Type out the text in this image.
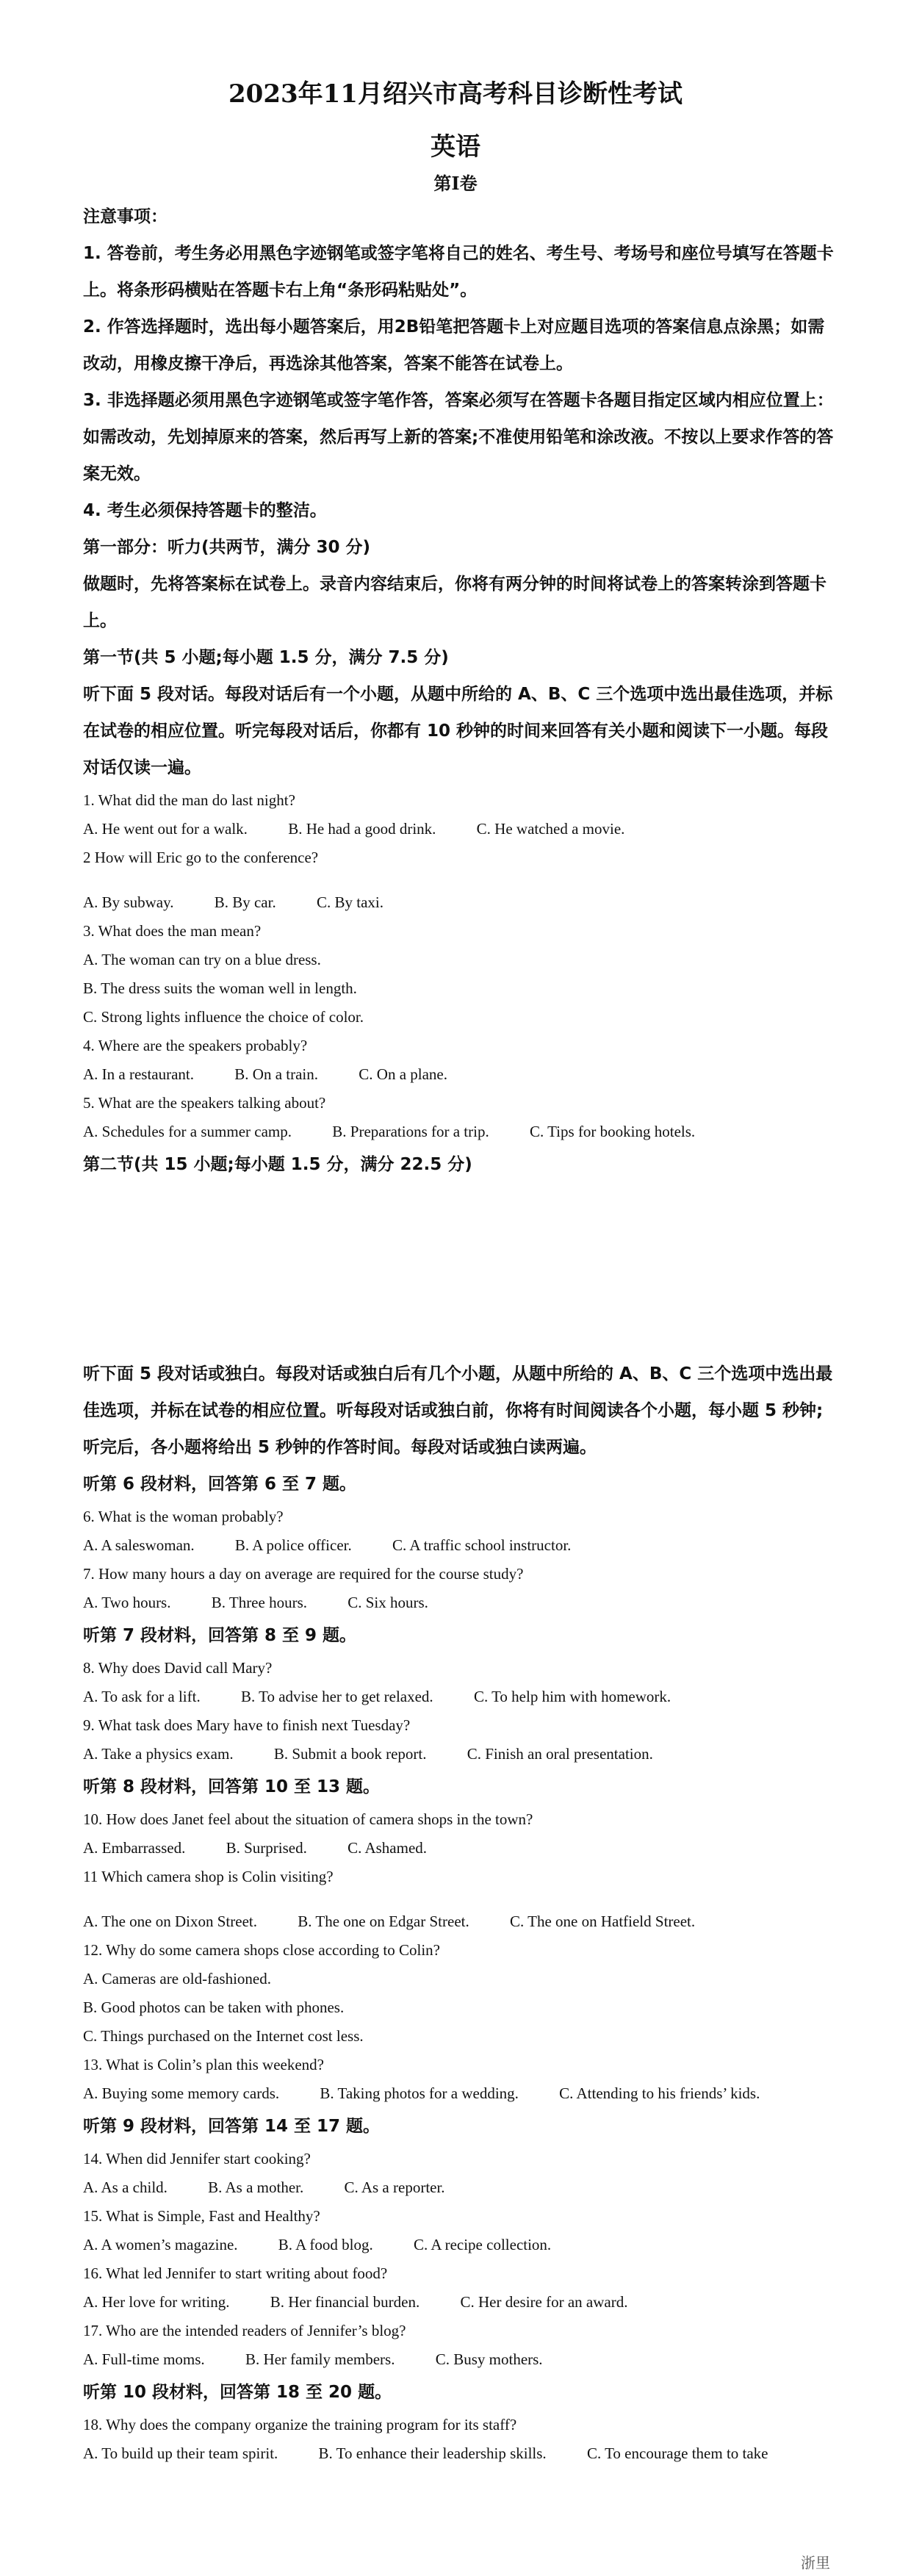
2023年11月绍兴市高考科目诊断性考试
英语
第Ⅰ卷
注意事项：
1. 答卷前，考生务必用黑色字迹钢笔或签字笔将自己的姓名、考生号、考场号和座位号填写在答题卡上。将条形码横贴在答题卡右上角“条形码粘贴处”。
2. 作答选择题时，选出每小题答案后，用2B铅笔把答题卡上对应题目选项的答案信息点涂黑；如需改动，用橡皮擦干净后，再选涂其他答案，答案不能答在试卷上。
3. 非选择题必须用黑色字迹钢笔或签字笔作答，答案必须写在答题卡各题目指定区域内相应位置上：如需改动，先划掉原来的答案，然后再写上新的答案;不准使用铅笔和涂改液。不按以上要求作答的答案无效。
4. 考生必须保持答题卡的整洁。
第一部分：听力(共两节，满分 30 分)
做题时，先将答案标在试卷上。录音内容结束后，你将有两分钟的时间将试卷上的答案转涂到答题卡上。
第一节(共 5 小题;每小题 1.5 分，满分 7.5 分)
听下面 5 段对话。每段对话后有一个小题，从题中所给的 A、B、C 三个选项中选出最佳选项，并标在试卷的相应位置。听完每段对话后，你都有 10 秒钟的时间来回答有关小题和阅读下一小题。每段对话仅读一遍。
1. What did the man do last night?
A. He went out for a walk.	B. He had a good drink.	C. He watched a movie.
2 How will Eric go to the conference?
A. By subway.	B. By car.	C. By taxi.
3. What does the man mean?
A. The woman can try on a blue dress.
B. The dress suits the woman well in length.
C. Strong lights influence the choice of color.
4. Where are the speakers probably?
A. In a restaurant.	B. On a train.	C. On a plane.
5. What are the speakers talking about?
A. Schedules for a summer camp.	B. Preparations for a trip.	C. Tips for booking hotels.
第二节(共 15 小题;每小题 1.5 分，满分 22.5 分)
听下面 5 段对话或独白。每段对话或独白后有几个小题，从题中所给的 A、B、C 三个选项中选出最佳选项，并标在试卷的相应位置。听每段对话或独白前，你将有时间阅读各个小题，每小题 5 秒钟;听完后，各小题将给出 5 秒钟的作答时间。每段对话或独白读两遍。
听第 6 段材料，回答第 6 至 7 题。
6. What is the woman probably?
A. A saleswoman.	B. A police officer.	C. A traffic school instructor.
7. How many hours a day on average are required for the course study?
A. Two hours.	B. Three hours.	C. Six hours.
听第 7 段材料，回答第 8 至 9 题。
8. Why does David call Mary?
A. To ask for a lift.	B. To advise her to get relaxed.	C. To help him with homework.
9. What task does Mary have to finish next Tuesday?
A. Take a physics exam.	B. Submit a book report.	C. Finish an oral presentation.
听第 8 段材料，回答第 10 至 13 题。
10. How does Janet feel about the situation of camera shops in the town?
A. Embarrassed.	B. Surprised.	C. Ashamed.
11 Which camera shop is Colin visiting?
A. The one on Dixon Street.	B. The one on Edgar Street.	C. The one on Hatfield Street.
12. Why do some camera shops close according to Colin?
A. Cameras are old-fashioned.
B. Good photos can be taken with phones.
C. Things purchased on the Internet cost less.
13. What is Colin’s plan this weekend?
A. Buying some memory cards.	B. Taking photos for a wedding.	C. Attending to his friends’ kids.
听第 9 段材料，回答第 14 至 17 题。
14. When did Jennifer start cooking?
A. As a child.	B. As a mother.	C. As a reporter.
15. What is Simple, Fast and Healthy?
A. A women’s magazine.	B. A food blog.	C. A recipe collection.
16. What led Jennifer to start writing about food?
A. Her love for writing.	B. Her financial burden.	C. Her desire for an award.
17. Who are the intended readers of Jennifer’s blog?
A. Full-time moms.	B. Her family members.	C. Busy mothers.
听第 10 段材料，回答第 18 至 20 题。
18. Why does the company organize the training program for its staff?
A. To build up their team spirit.	B. To enhance their leadership skills.	C. To encourage them to take
浙里
